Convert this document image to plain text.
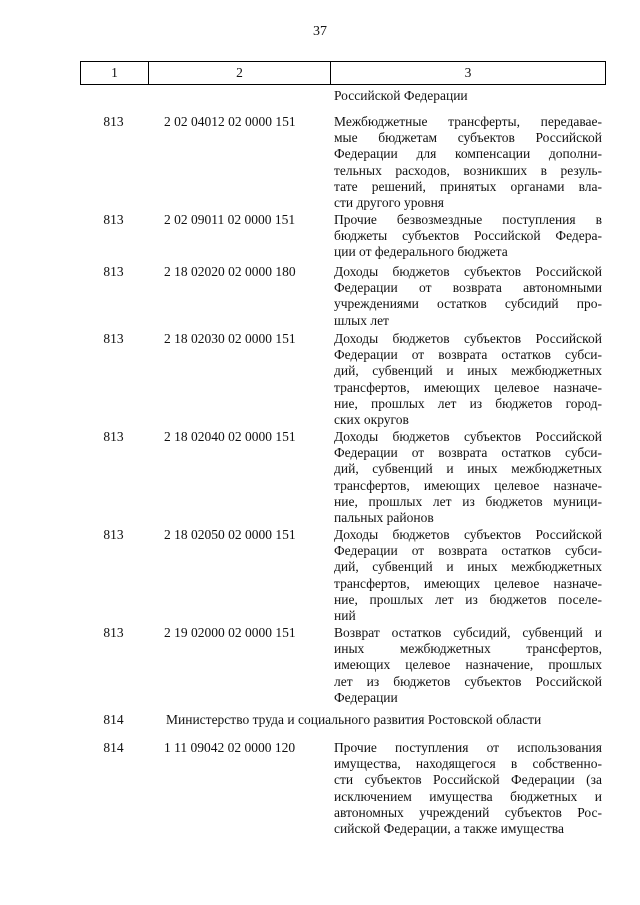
37
1	2	3
Российской Федерации
813	2 02 04012 02 0000 151	Межбюджетные трансферты, передавае-
мые бюджетам субъектов Российской
Федерации для компенсации дополни-
тельных расходов, возникших в резуль-
тате решений, принятых органами вла-
сти другого уровня
813	2 02 09011 02 0000 151	Прочие безвозмездные поступления в
бюджеты субъектов Российской Федера-
ции от федерального бюджета
813	2 18 02020 02 0000 180	Доходы бюджетов субъектов Российской
Федерации от возврата автономными
учреждениями остатков субсидий про-
шлых лет
813	2 18 02030 02 0000 151	Доходы бюджетов субъектов Российской
Федерации от возврата остатков субси-
дий, субвенций и иных межбюджетных
трансфертов, имеющих целевое назначе-
ние, прошлых лет из бюджетов город-
ских округов
813	2 18 02040 02 0000 151	Доходы бюджетов субъектов Российской
Федерации от возврата остатков субси-
дий, субвенций и иных межбюджетных
трансфертов, имеющих целевое назначе-
ние, прошлых лет из бюджетов муници-
пальных районов
813	2 18 02050 02 0000 151	Доходы бюджетов субъектов Российской
Федерации от возврата остатков субси-
дий, субвенций и иных межбюджетных
трансфертов, имеющих целевое назначе-
ние, прошлых лет из бюджетов поселе-
ний
813	2 19 02000 02 0000 151	Возврат остатков субсидий, субвенций и
иных межбюджетных трансфертов,
имеющих целевое назначение, прошлых
лет из бюджетов субъектов Российской
Федерации
814	Министерство труда и социального развития Ростовской области
814	1 11 09042 02 0000 120	Прочие поступления от использования
имущества, находящегося в собственно-
сти субъектов Российской Федерации (за
исключением имущества бюджетных и
автономных учреждений субъектов Рос-
сийской Федерации, а также имущества
